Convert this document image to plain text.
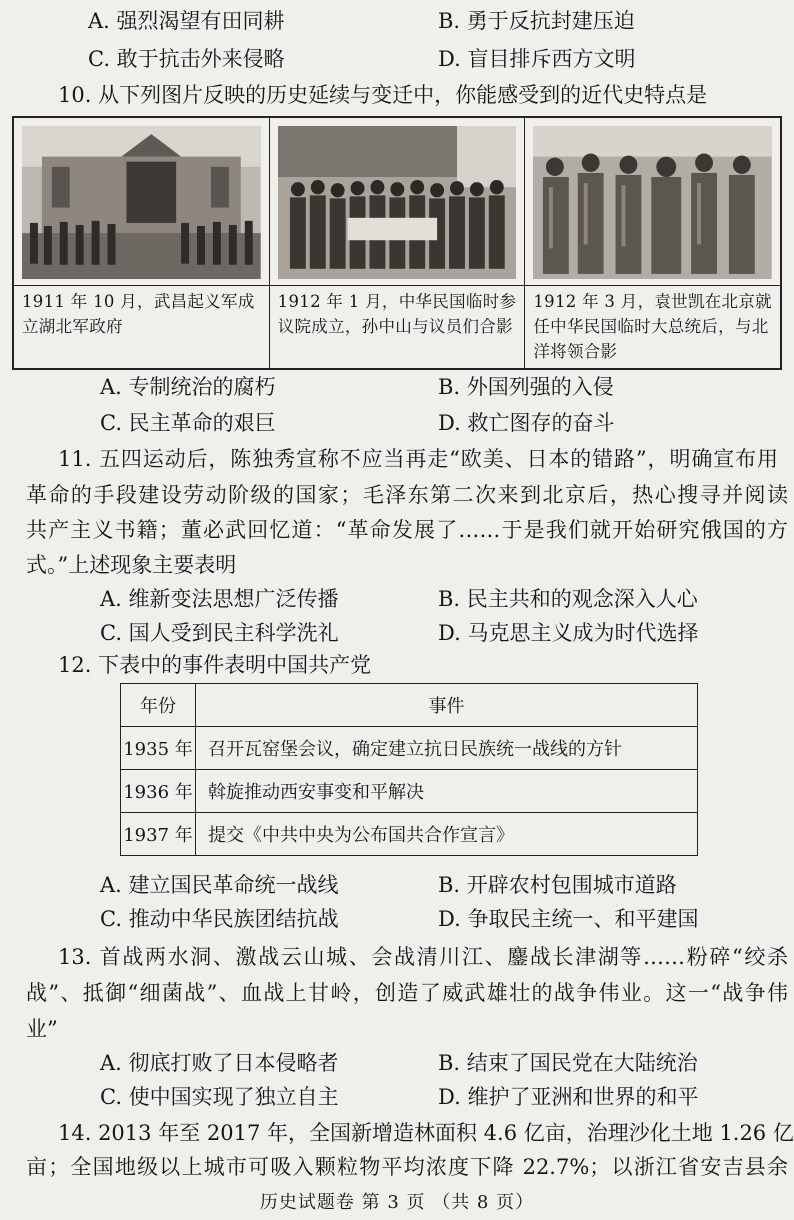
A. 强烈渴望有田同耕	B. 勇于反抗封建压迫
C. 敢于抗击外来侵略	D. 盲目排斥西方文明
10. 从下列图片反映的历史延续与变迁中，你能感受到的近代史特点是
1911 年 10 月，武昌起义军成立湖北军政府
1912 年 1 月，中华民国临时参议院成立，孙中山与议员们合影
1912 年 3 月，袁世凯在北京就任中华民国临时大总统后，与北洋将领合影
A. 专制统治的腐朽	B. 外国列强的入侵
C. 民主革命的艰巨	D. 救亡图存的奋斗
11. 五四运动后，陈独秀宣称不应当再走“欧美、日本的错路”，明确宣布用
革命的手段建设劳动阶级的国家；毛泽东第二次来到北京后，热心搜寻并阅读
共产主义书籍；董必武回忆道：“革命发展了……于是我们就开始研究俄国的方
式。”上述现象主要表明
A. 维新变法思想广泛传播	B. 民主共和的观念深入人心
C. 国人受到民主科学洗礼	D. 马克思主义成为时代选择
12. 下表中的事件表明中国共产党
年份	事件
1935 年	召开瓦窑堡会议，确定建立抗日民族统一战线的方针
1936 年	斡旋推动西安事变和平解决
1937 年	提交《中共中央为公布国共合作宣言》
A. 建立国民革命统一战线	B. 开辟农村包围城市道路
C. 推动中华民族团结抗战	D. 争取民主统一、和平建国
13. 首战两水洞、激战云山城、会战清川江、鏖战长津湖等……粉碎“绞杀
战”、抵御“细菌战”、血战上甘岭，创造了威武雄壮的战争伟业。这一“战争伟
业”
A. 彻底打败了日本侵略者	B. 结束了国民党在大陆统治
C. 使中国实现了独立自主	D. 维护了亚洲和世界的和平
14. 2013 年至 2017 年，全国新增造林面积 4.6 亿亩，治理沙化土地 1.26 亿
亩；全国地级以上城市可吸入颗粒物平均浓度下降 22.7%；以浙江省安吉县余
历史试题卷 第 3 页 （共 8 页）
